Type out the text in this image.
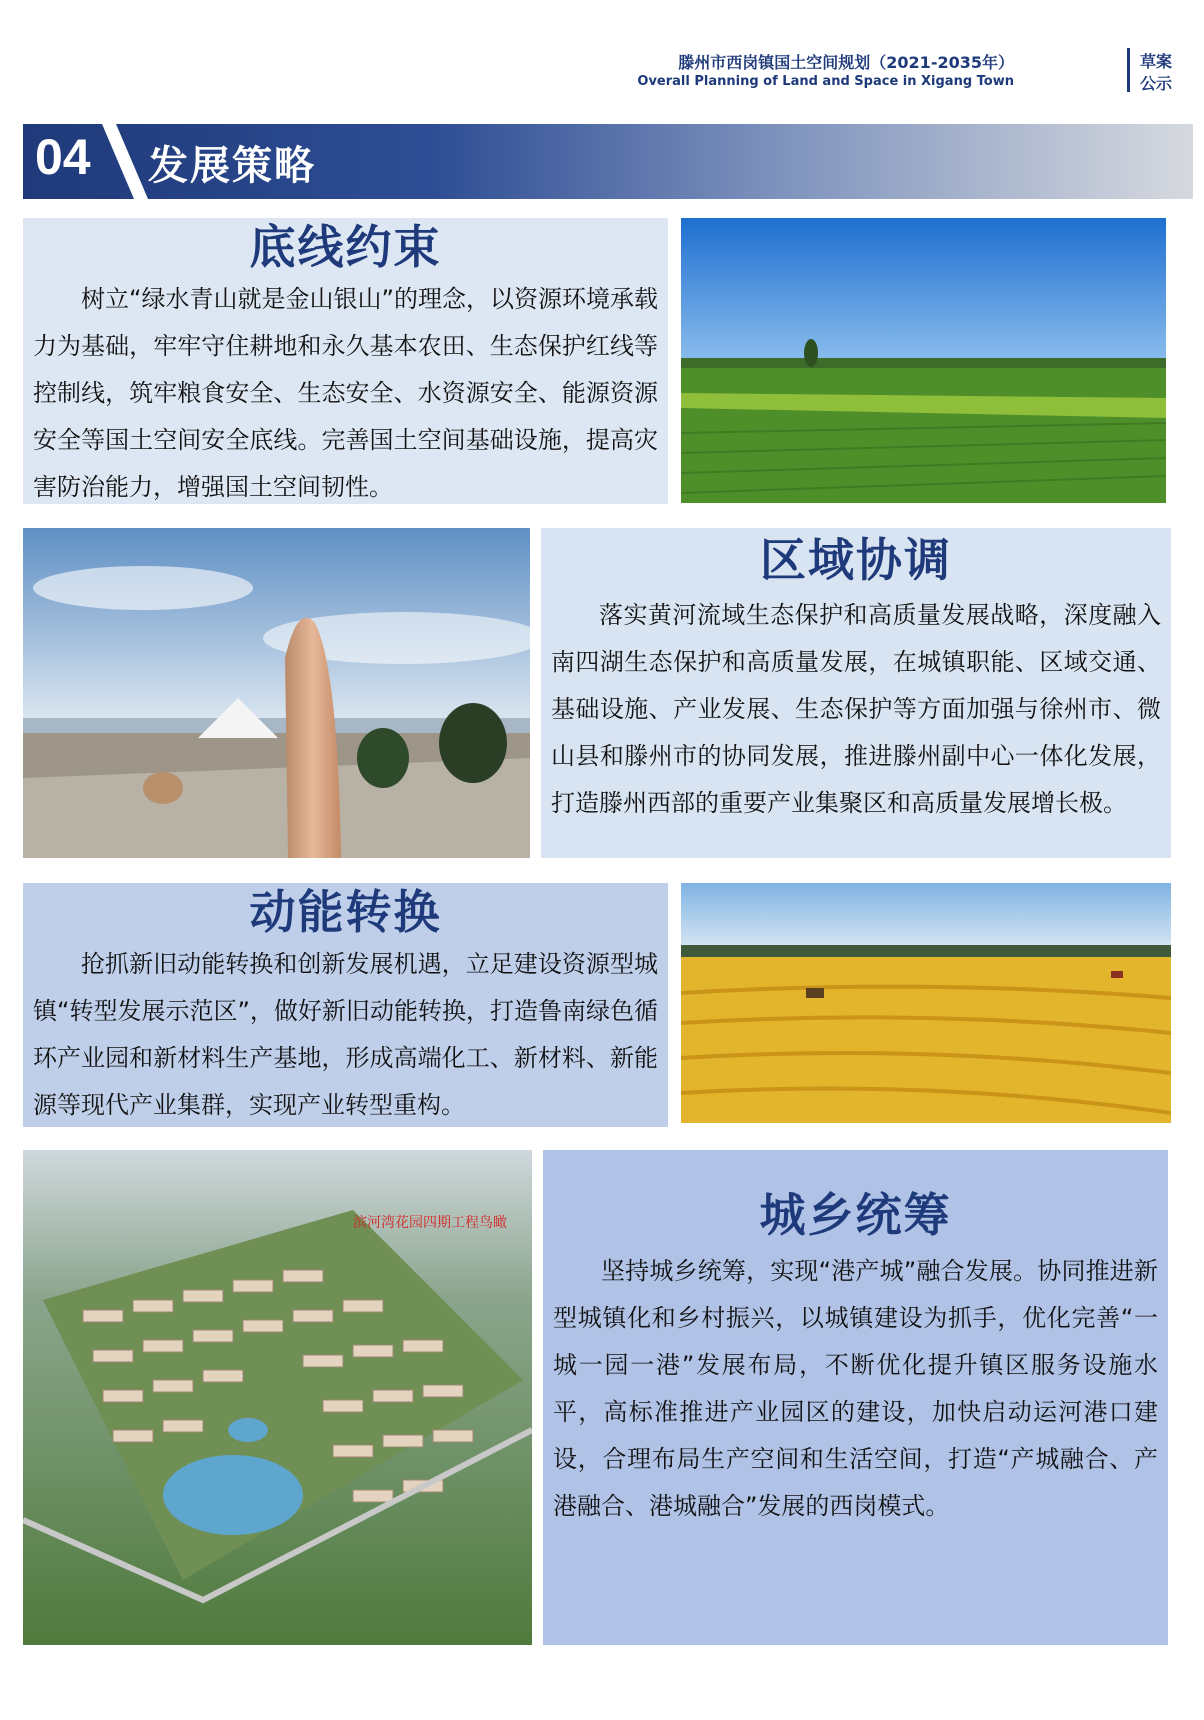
滕州市西岗镇国土空间规划（2021-2035年）
Overall Planning of Land and Space in Xigang Town
草案
公示
04 发展策略
底线约束

树立“绿水青山就是金山银山”的理念，以资源环境承载力为基础，牢牢守住耕地和永久基本农田、生态保护红线等控制线，筑牢粮食安全、生态安全、水资源安全、能源资源安全等国土空间安全底线。完善国土空间基础设施，提高灾害防治能力，增强国土空间韧性。

区域协调

落实黄河流域生态保护和高质量发展战略，深度融入南四湖生态保护和高质量发展，在城镇职能、区域交通、基础设施、产业发展、生态保护等方面加强与徐州市、微山县和滕州市的协同发展，推进滕州副中心一体化发展，打造滕州西部的重要产业集聚区和高质量发展增长极。

动能转换

抢抓新旧动能转换和创新发展机遇，立足建设资源型城镇“转型发展示范区”，做好新旧动能转换，打造鲁南绿色循环产业园和新材料生产基地，形成高端化工、新材料、新能源等现代产业集群，实现产业转型重构。

滨河湾花园四期工程鸟瞰	城乡统筹

坚持城乡统筹，实现“港产城”融合发展。协同推进新型城镇化和乡村振兴，以城镇建设为抓手，优化完善“一城一园一港”发展布局，不断优化提升镇区服务设施水平，高标准推进产业园区的建设，加快启动运河港口建设，合理布局生产空间和生活空间，打造“产城融合、产港融合、港城融合”发展的西岗模式。
